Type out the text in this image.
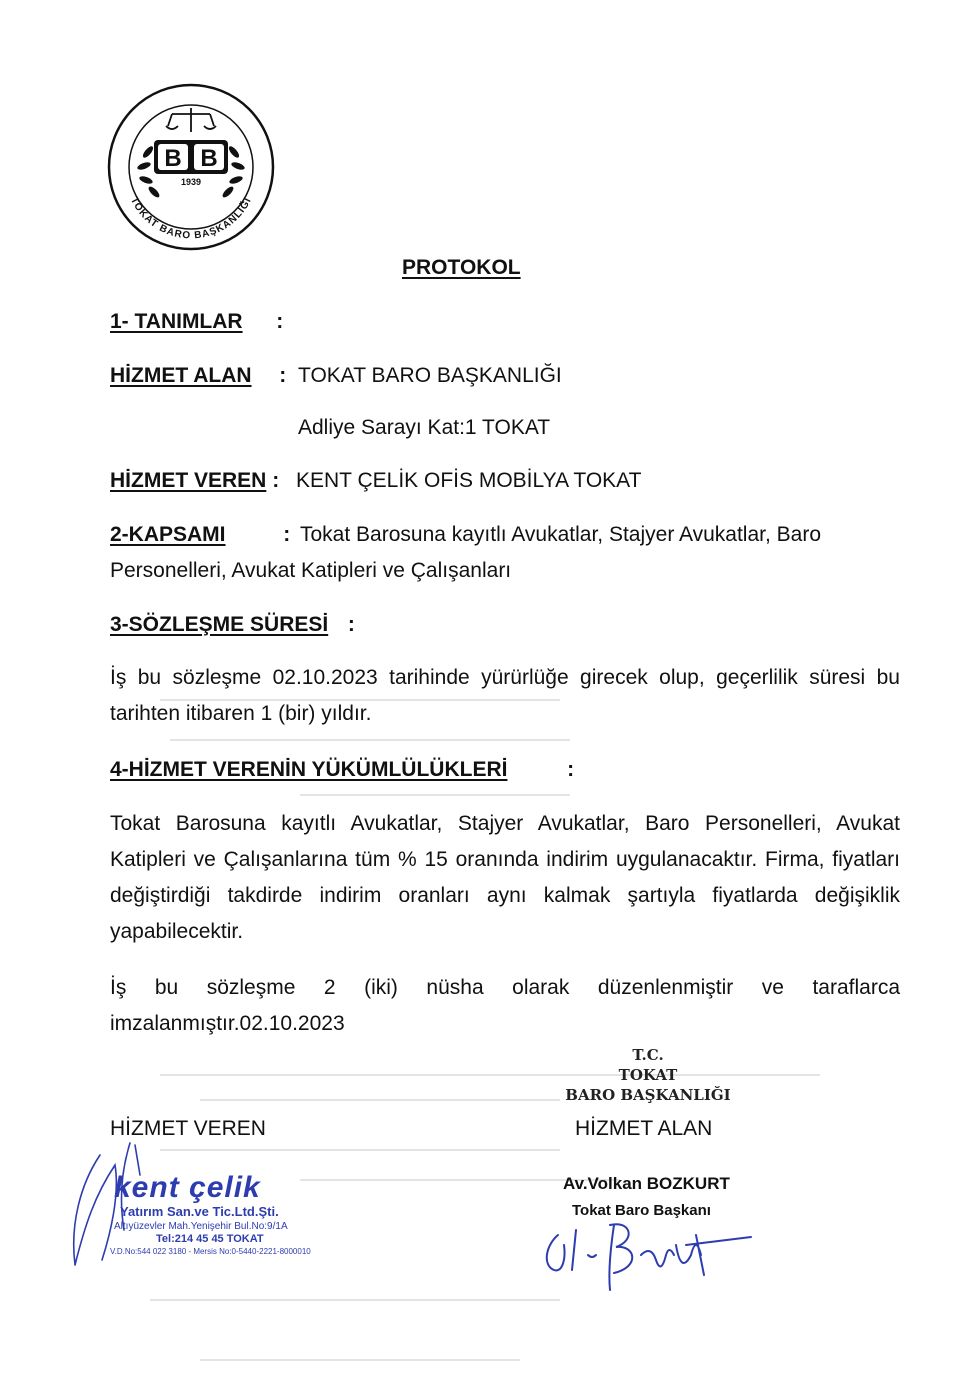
B B
1939
TOKAT BARO BAŞKANLIĞI
PROTOKOL
1- TANIMLAR :
HİZMET ALAN : TOKAT BARO BAŞKANLIĞI
Adliye Sarayı Kat:1 TOKAT
HİZMET VEREN : KENT ÇELİK OFİS MOBİLYA TOKAT
2-KAPSAMI	: Tokat Barosuna kayıtlı Avukatlar, Stajyer Avukatlar, Baro
Personelleri, Avukat Katipleri ve Çalışanları
3-SÖZLEŞME SÜRESİ :
İş bu sözleşme 02.10.2023 tarihinde yürürlüğe girecek olup, geçerlilik süresi bu tarihten itibaren 1 (bir) yıldır.
4-HİZMET VERENİN YÜKÜMLÜLÜKLERİ	:
Tokat Barosuna kayıtlı Avukatlar, Stajyer Avukatlar, Baro Personelleri, Avukat Katipleri ve Çalışanlarına tüm % 15 oranında indirim uygulanacaktır. Firma, fiyatları değiştirdiği takdirde indirim oranları aynı kalmak şartıyla fiyatlarda değişiklik yapabilecektir.
İş bu sözleşme 2 (iki) nüsha olarak düzenlenmiştir ve taraflarca imzalanmıştır.02.10.2023
T.C.
TOKAT
BARO BAŞKANLIĞI
HİZMET VEREN	HİZMET ALAN
Av.Volkan BOZKURT
Tokat Baro Başkanı
kent çelik
Yatırım San.ve Tic.Ltd.Şti.
Altıyüzevler Mah.Yenişehir Bul.No:9/1A
Tel:214 45 45 TOKAT
V.D.No:544 022 3180 - Mersis No:0-5440-2221-8000010
